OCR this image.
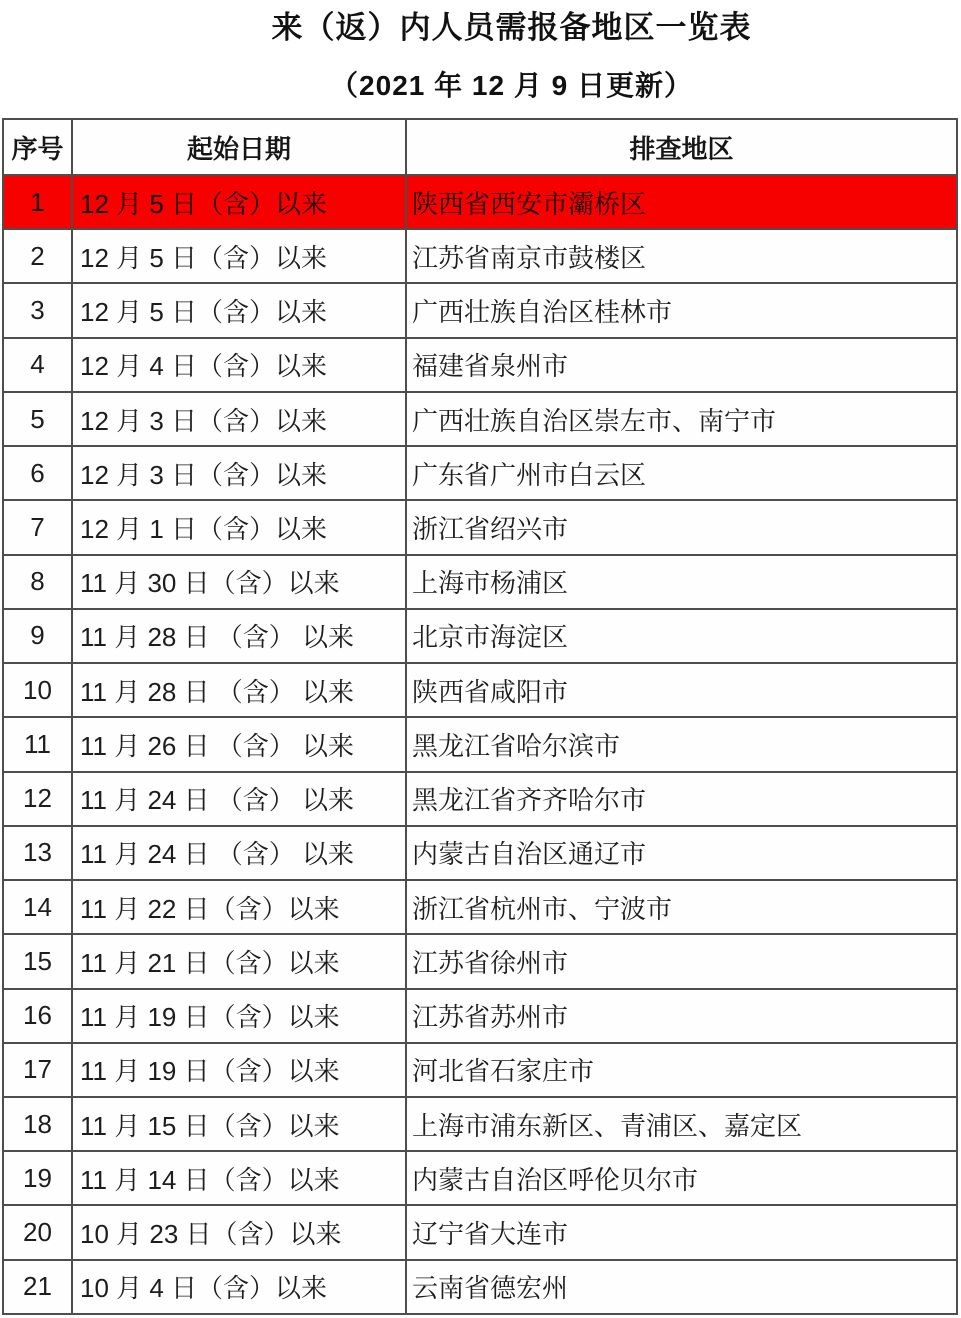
来（返）内人员需报备地区一览表
（2021 年 12 月 9 日更新）
序号	起始日期	排查地区
1	12 月 5 日（含）以来	陕西省西安市灞桥区
2	12 月 5 日（含）以来	江苏省南京市鼓楼区
3	12 月 5 日（含）以来	广西壮族自治区桂林市
4	12 月 4 日（含）以来	福建省泉州市
5	12 月 3 日（含）以来	广西壮族自治区崇左市、南宁市
6	12 月 3 日（含）以来	广东省广州市白云区
7	12 月 1 日（含）以来	浙江省绍兴市
8	11 月 30 日（含）以来	上海市杨浦区
9	11 月 28 日 （含） 以来	北京市海淀区
10	11 月 28 日 （含） 以来	陕西省咸阳市
11	11 月 26 日 （含） 以来	黑龙江省哈尔滨市
12	11 月 24 日 （含） 以来	黑龙江省齐齐哈尔市
13	11 月 24 日 （含） 以来	内蒙古自治区通辽市
14	11 月 22 日（含）以来	浙江省杭州市、宁波市
15	11 月 21 日（含）以来	江苏省徐州市
16	11 月 19 日（含）以来	江苏省苏州市
17	11 月 19 日（含）以来	河北省石家庄市
18	11 月 15 日（含）以来	上海市浦东新区、青浦区、嘉定区
19	11 月 14 日（含）以来	内蒙古自治区呼伦贝尔市
20	10 月 23 日（含）以来	辽宁省大连市
21	10 月 4 日（含）以来	云南省德宏州
